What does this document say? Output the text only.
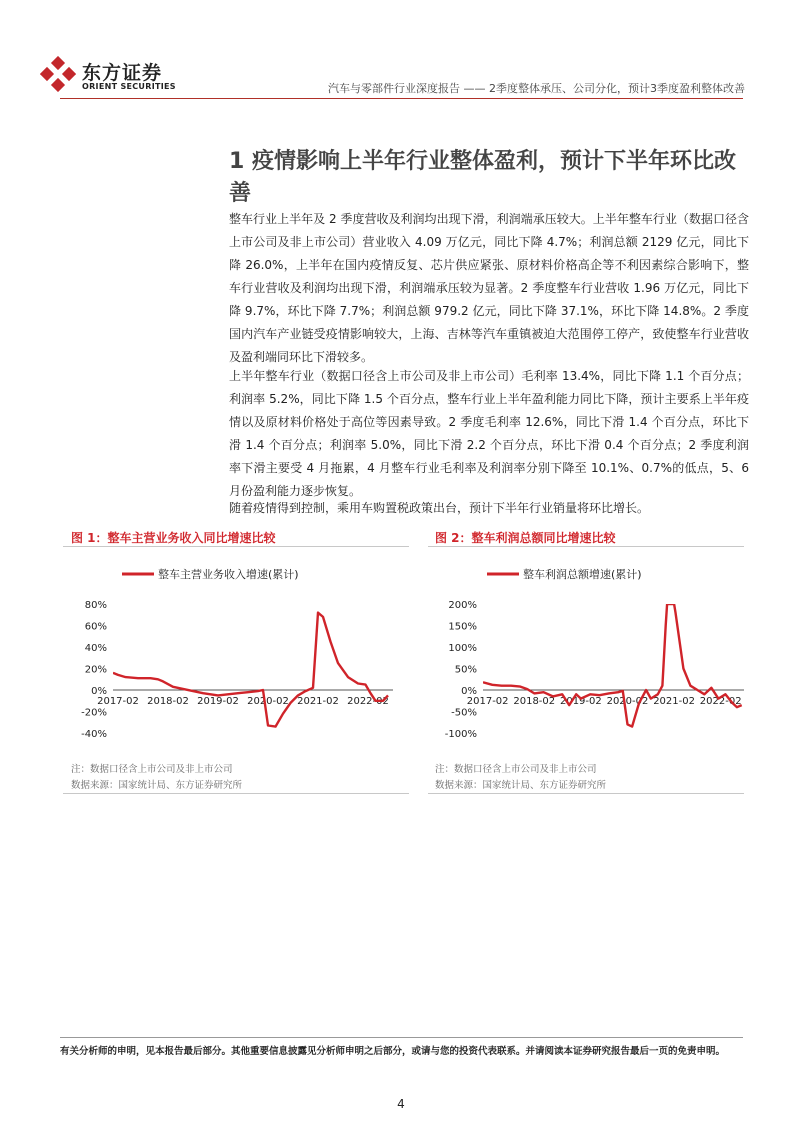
东方证券
ORIENT SECURITIES	汽车与零部件行业深度报告 —— 2季度整体承压、公司分化，预计3季度盈利整体改善
1 疫情影响上半年行业整体盈利，预计下半年环比改善
整车行业上半年及 2 季度营收及利润均出现下滑，利润端承压较大。上半年整车行业（数据口径含上市公司及非上市公司）营业收入 4.09 万亿元，同比下降 4.7%；利润总额 2129 亿元，同比下降 26.0%，上半年在国内疫情反复、芯片供应紧张、原材料价格高企等不利因素综合影响下，整车行业营收及利润均出现下滑，利润端承压较为显著。2 季度整车行业营收 1.96 万亿元，同比下降 9.7%，环比下降 7.7%；利润总额 979.2 亿元，同比下降 37.1%，环比下降 14.8%。2 季度国内汽车产业链受疫情影响较大，上海、吉林等汽车重镇被迫大范围停工停产，致使整车行业营收及盈利端同环比下滑较多。
上半年整车行业（数据口径含上市公司及非上市公司）毛利率 13.4%，同比下降 1.1 个百分点；利润率 5.2%，同比下降 1.5 个百分点，整车行业上半年盈利能力同比下降，预计主要系上半年疫情以及原材料价格处于高位等因素导致。2 季度毛利率 12.6%，同比下滑 1.4 个百分点，环比下滑 1.4 个百分点；利润率 5.0%，同比下滑 2.2 个百分点，环比下滑 0.4 个百分点；2 季度利润率下滑主要受 4 月拖累，4 月整车行业毛利率及利润率分别下降至 10.1%、0.7%的低点，5、6 月份盈利能力逐步恢复。
随着疫情得到控制，乘用车购置税政策出台，预计下半年行业销量将环比增长。
图 1：整车主营业务收入同比增速比较
80%
60%
40%
20%
0%
-20%
-40%
2017-02 2018-02 2019-02 2020-02 2021-02 2022-02
整车主营业务收入增速(累计)
注：数据口径含上市公司及非上市公司
数据来源：国家统计局、东方证券研究所
图 2：整车利润总额同比增速比较
200%
150%
100%
50%
0%
-50%
-100%
2017-02 2018-02 2019-02 2020-02 2021-02 2022-02
整车利润总额增速(累计)
注：数据口径含上市公司及非上市公司
数据来源：国家统计局、东方证券研究所
有关分析师的申明，见本报告最后部分。其他重要信息披露见分析师申明之后部分，或请与您的投资代表联系。并请阅读本证券研究报告最后一页的免责申明。
4
